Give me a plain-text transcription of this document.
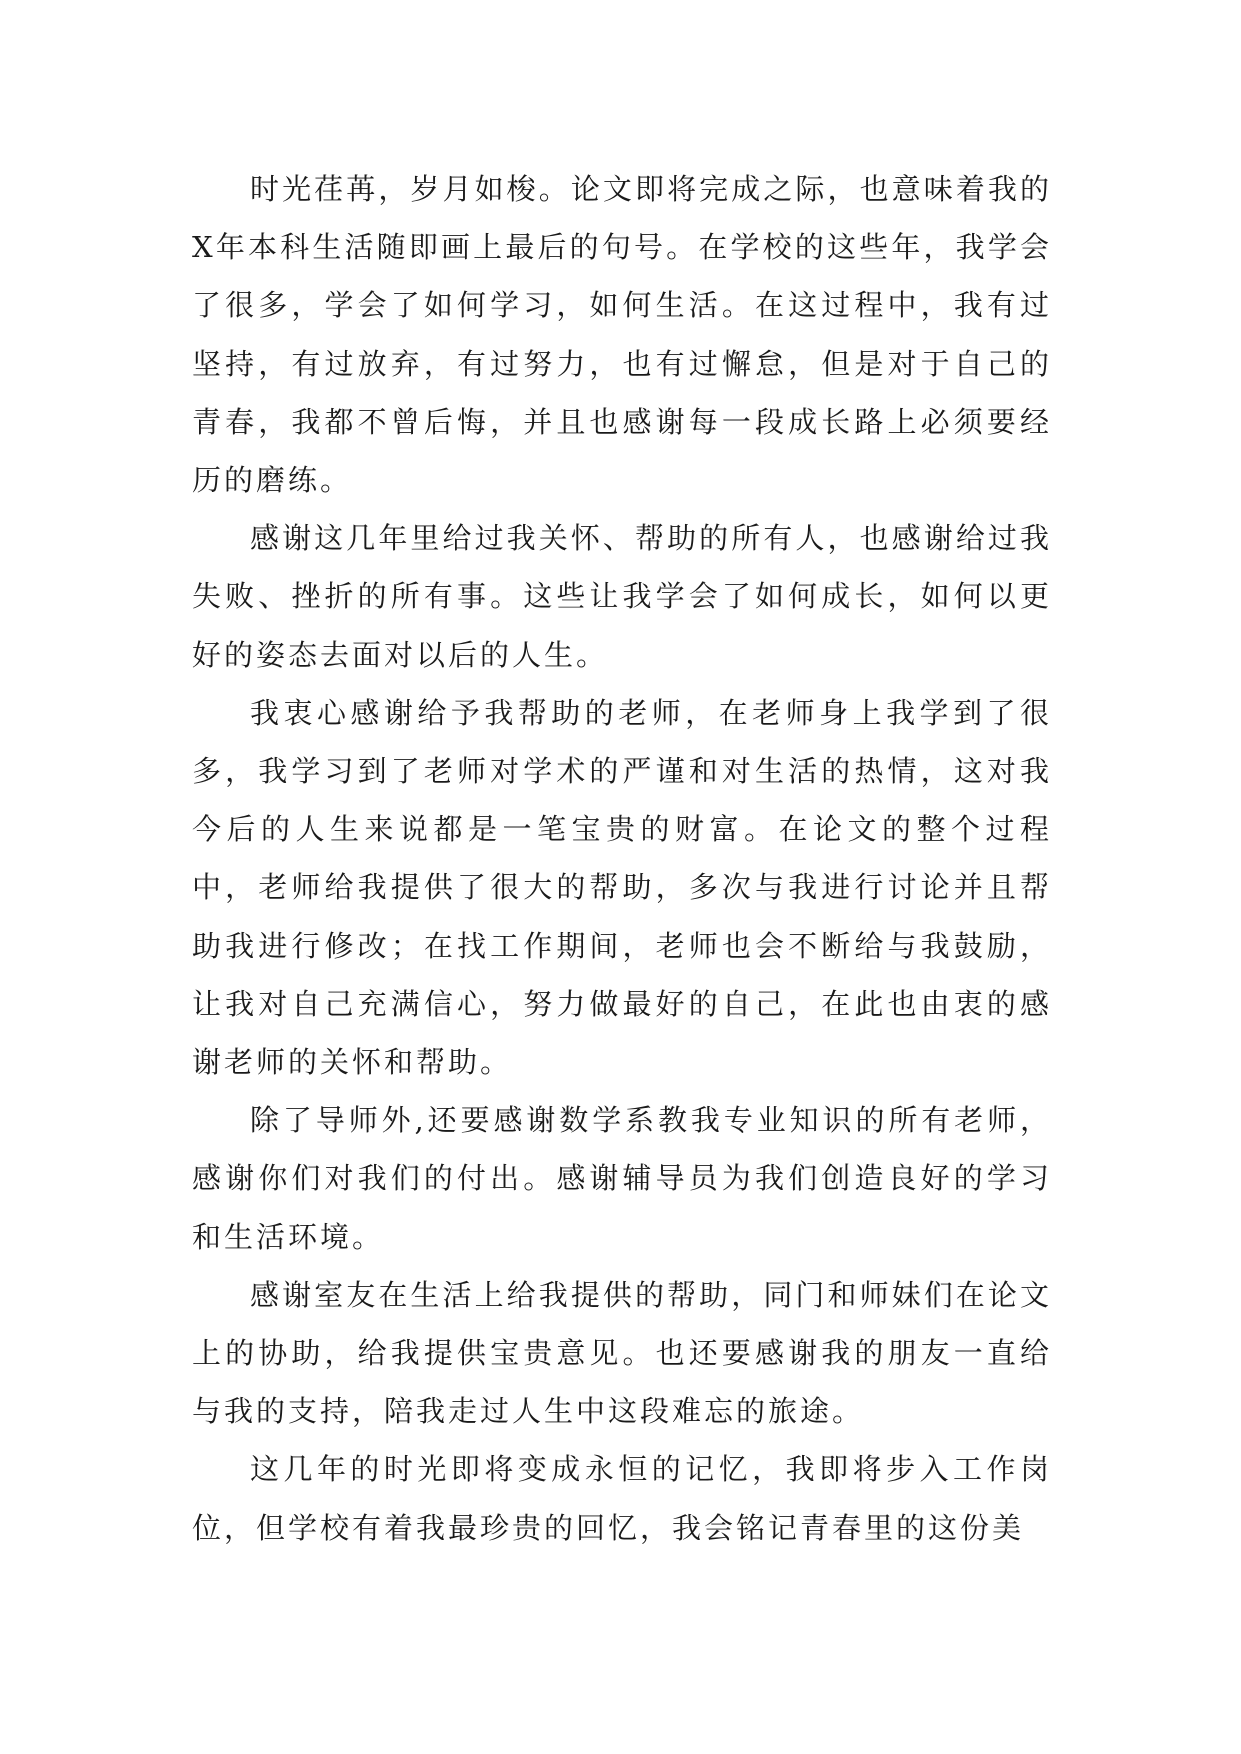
时光荏苒，岁月如梭。论文即将完成之际，也意味着我的X年本科生活随即画上最后的句号。在学校的这些年，我学会了很多，学会了如何学习，如何生活。在这过程中，我有过坚持，有过放弃，有过努力，也有过懈怠，但是对于自己的青春，我都不曾后悔，并且也感谢每一段成长路上必须要经历的磨练。

感谢这几年里给过我关怀、帮助的所有人，也感谢给过我失败、挫折的所有事。这些让我学会了如何成长，如何以更好的姿态去面对以后的人生。

我衷心感谢给予我帮助的老师，在老师身上我学到了很多，我学习到了老师对学术的严谨和对生活的热情，这对我今后的人生来说都是一笔宝贵的财富。在论文的整个过程中，老师给我提供了很大的帮助，多次与我进行讨论并且帮助我进行修改；在找工作期间，老师也会不断给与我鼓励，让我对自己充满信心，努力做最好的自己，在此也由衷的感谢老师的关怀和帮助。

除了导师外,还要感谢数学系教我专业知识的所有老师，感谢你们对我们的付出。感谢辅导员为我们创造良好的学习和生活环境。

感谢室友在生活上给我提供的帮助，同门和师妹们在论文上的协助，给我提供宝贵意见。也还要感谢我的朋友一直给与我的支持，陪我走过人生中这段难忘的旅途。

这几年的时光即将变成永恒的记忆，我即将步入工作岗位，但学校有着我最珍贵的回忆，我会铭记青春里的这份美
